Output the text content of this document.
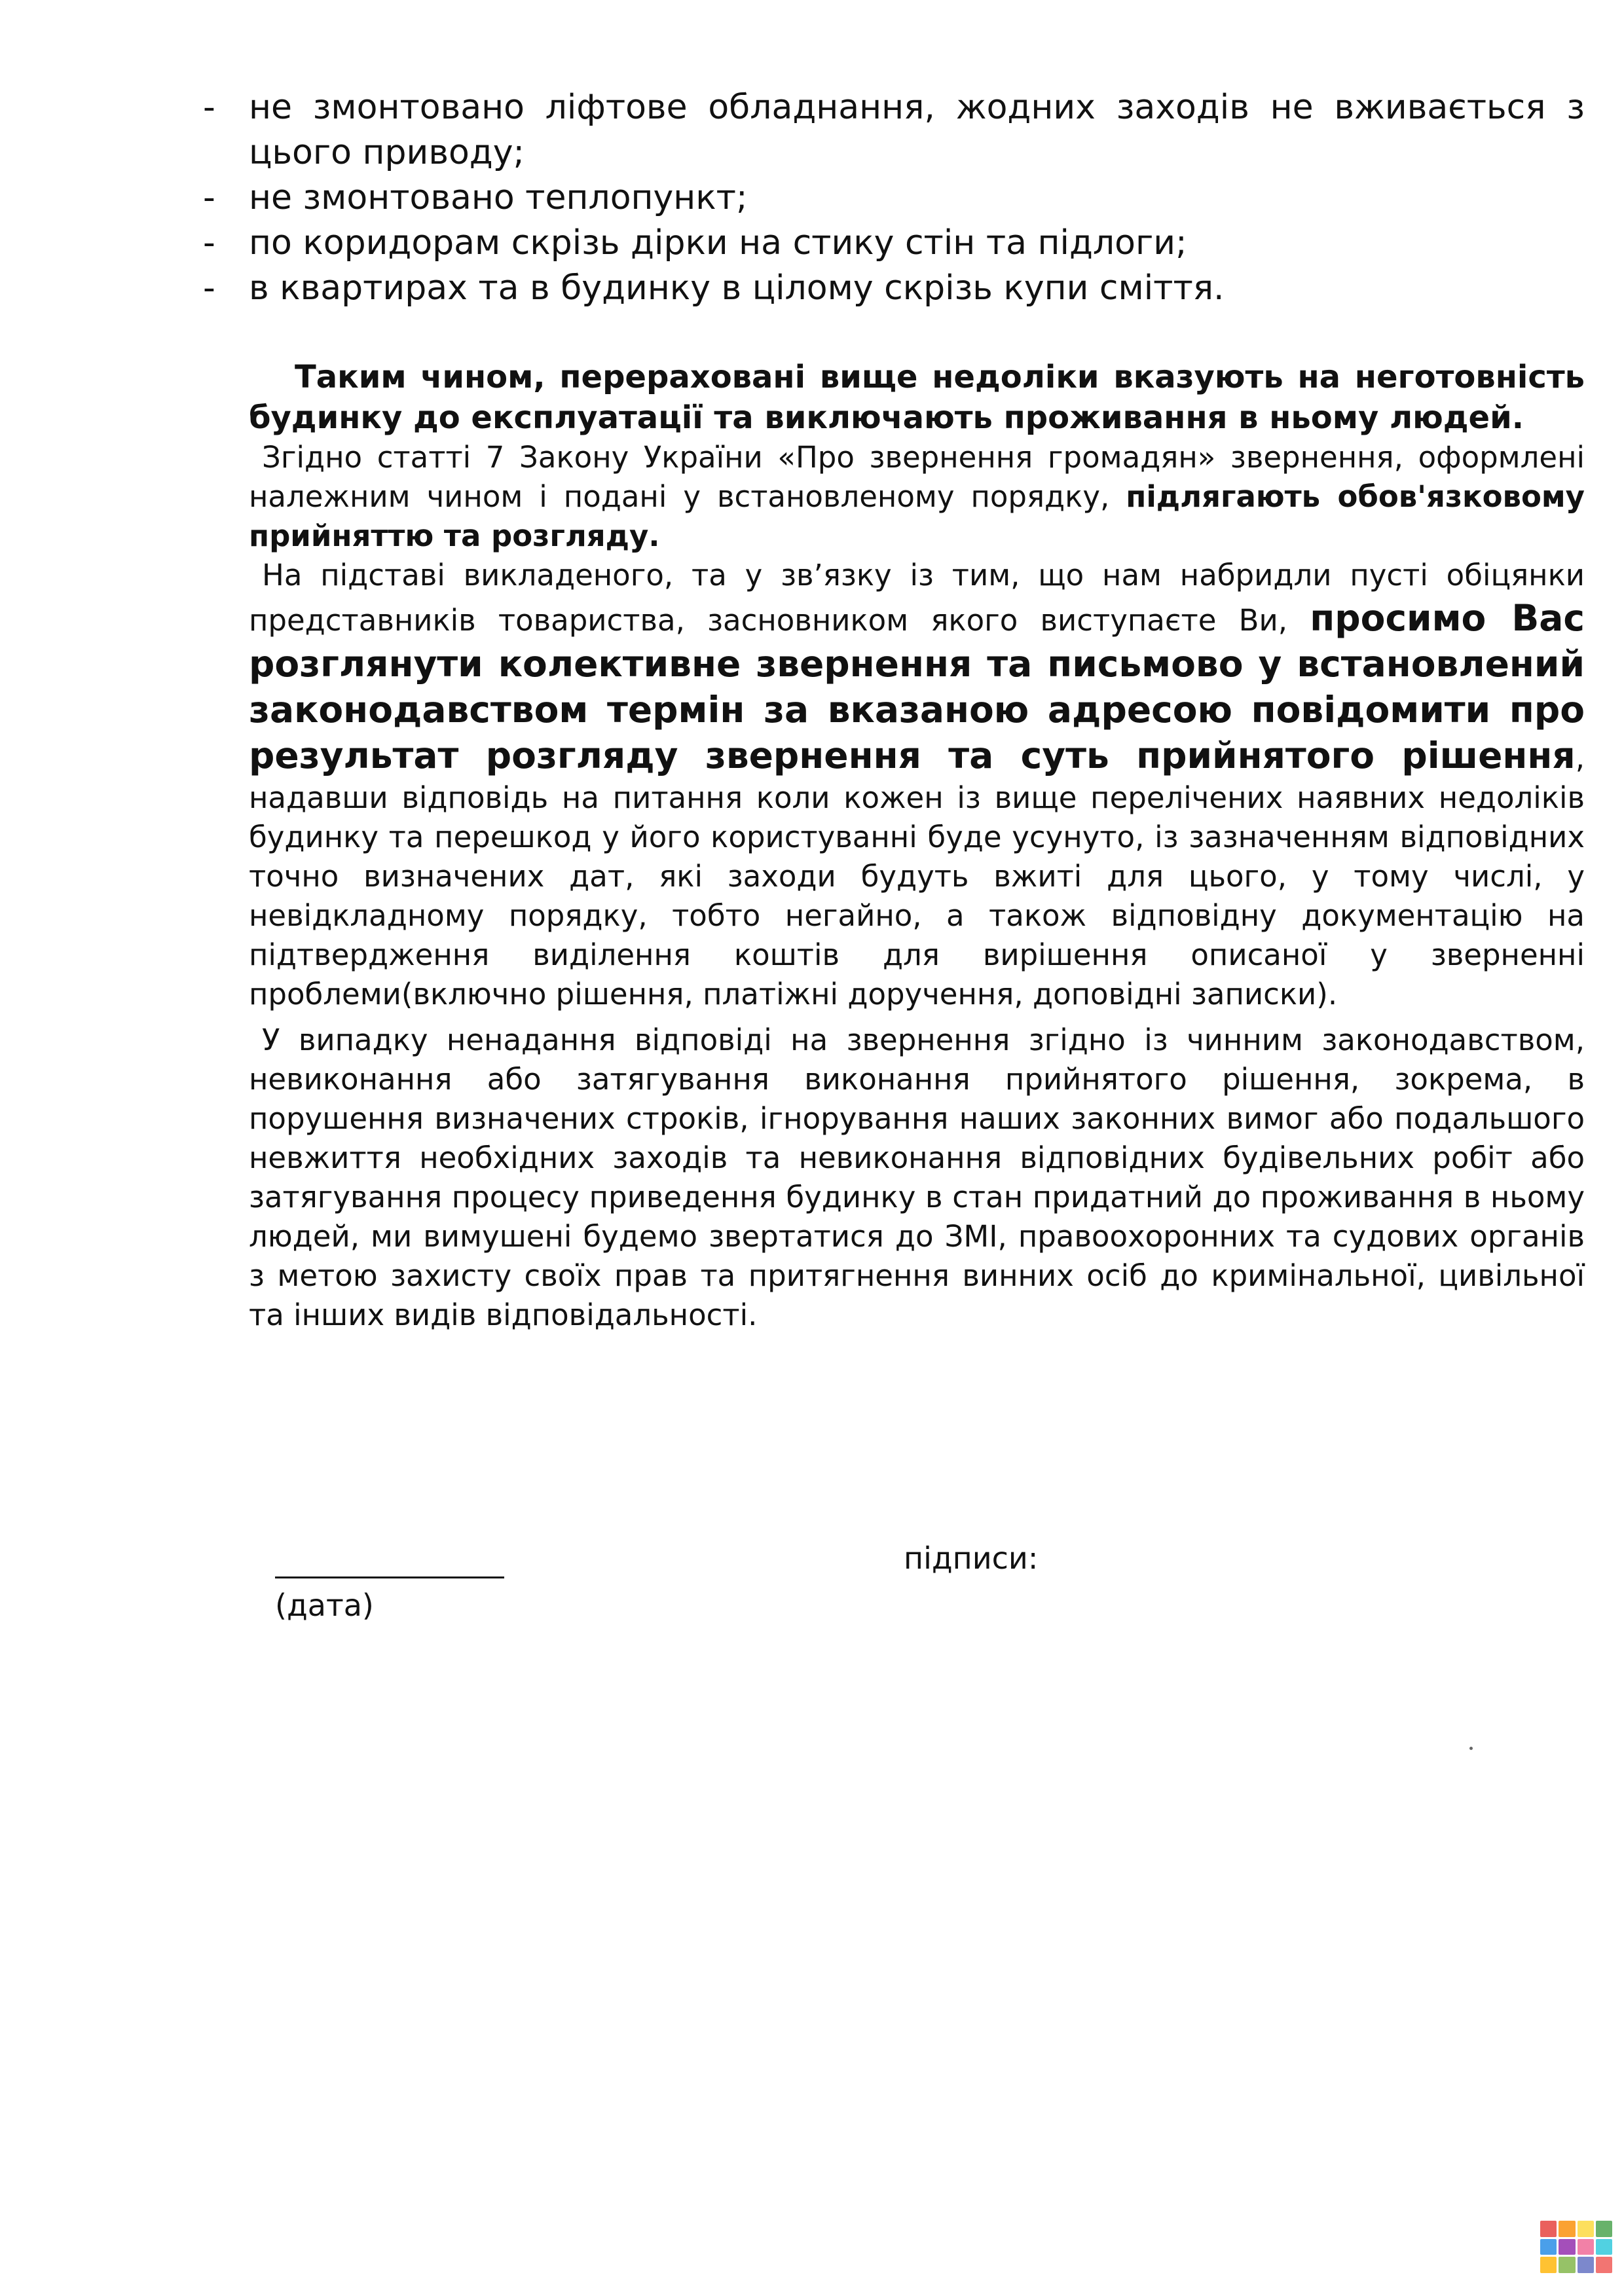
- не змонтовано ліфтове обладнання, жодних заходів не вживається з цього приводу;
- не змонтовано теплопункт;
- по коридорам скрізь дірки на стику стін та підлоги;
- в квартирах та в будинку в цілому скрізь купи сміття.

Таким чином, перераховані вище недоліки вказують на неготовність будинку до експлуатації та виключають проживання в ньому людей.

Згідно статті 7 Закону України «Про звернення громадян» звернення, оформлені належним чином і подані у встановленому порядку, підлягають обов'язковому прийняттю та розгляду.

На підставі викладеного, та у зв’язку із тим, що нам набридли пусті обіцянки представників товариства, засновником якого виступаєте Ви, просимо Вас розглянути колективне звернення та письмово у встановлений законодавством термін за вказаною адресою повідомити про результат розгляду звернення та суть прийнятого рішення, надавши відповідь на питання коли кожен із вище перелічених наявних недоліків будинку та перешкод у його користуванні буде усунуто, із зазначенням відповідних точно визначених дат, які заходи будуть вжиті для цього, у тому числі, у невідкладному порядку, тобто негайно, а також відповідну документацію на підтвердження виділення коштів для вирішення описаної у зверненні проблеми(включно рішення, платіжні доручення, доповідні записки).

У випадку ненадання відповіді на звернення згідно із чинним законодавством, невиконання або затягування виконання прийнятого рішення, зокрема, в порушення визначених строків, ігнорування наших законних вимог або подальшого невжиття необхідних заходів та невиконання відповідних будівельних робіт або затягування процесу приведення будинку в стан придатний до проживання в ньому людей, ми вимушені будемо звертатися до ЗМІ, правоохоронних та судових органів з метою захисту своїх прав та притягнення винних осіб до кримінальної, цивільної та інших видів відповідальності.

(дата)
підписи:
